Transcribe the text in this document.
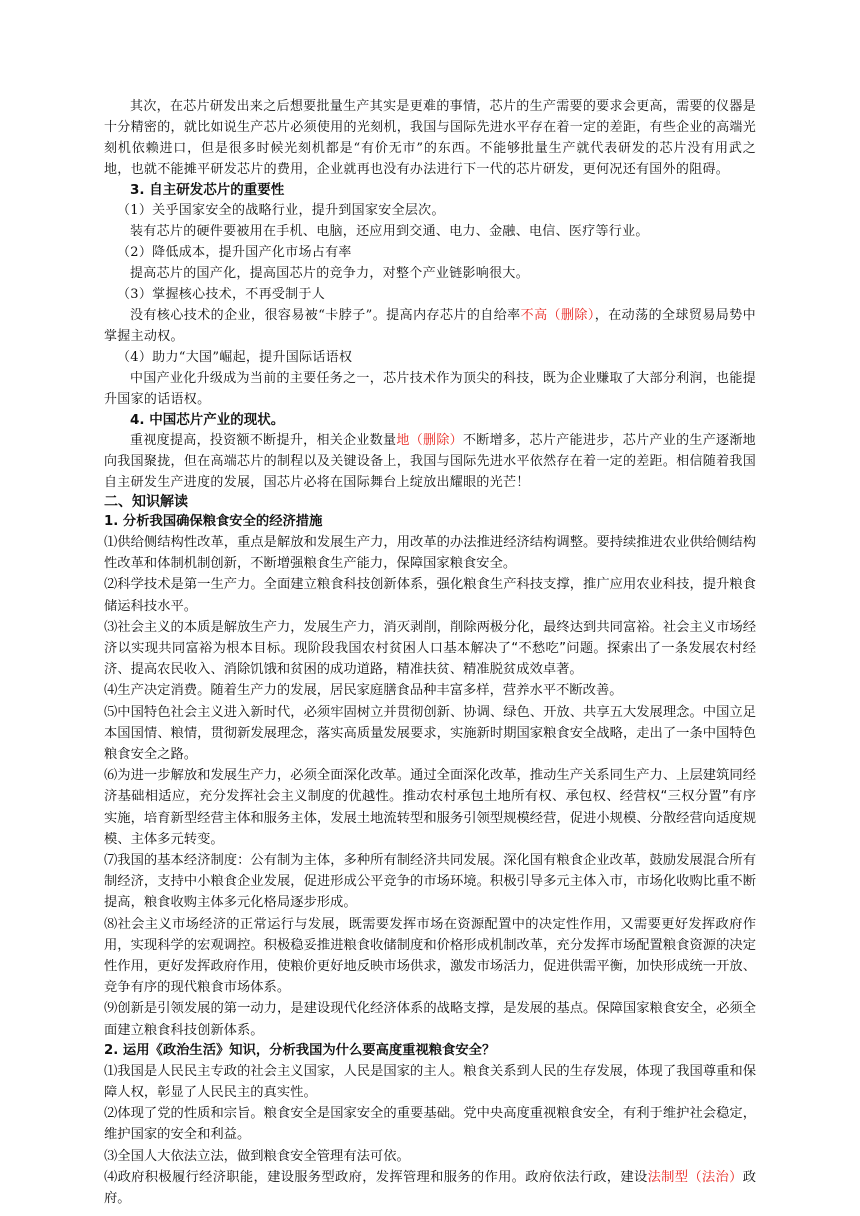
其次，在芯片研发出来之后想要批量生产其实是更难的事情，芯片的生产需要的要求会更高，需要的仪器是十分精密的，就比如说生产芯片必须使用的光刻机，我国与国际先进水平存在着一定的差距，有些企业的高端光刻机依赖进口，但是很多时候光刻机都是“有价无市”的东西。不能够批量生产就代表研发的芯片没有用武之地，也就不能摊平研发芯片的费用，企业就再也没有办法进行下一代的芯片研发，更何况还有国外的阻碍。

3. 自主研发芯片的重要性

（1）关乎国家安全的战略行业，提升到国家安全层次。

装有芯片的硬件要被用在手机、电脑，还应用到交通、电力、金融、电信、医疗等行业。

（2）降低成本，提升国产化市场占有率

提高芯片的国产化，提高国芯片的竞争力，对整个产业链影响很大。

（3）掌握核心技术，不再受制于人

没有核心技术的企业，很容易被“卡脖子”。提高内存芯片的自给率不高（删除），在动荡的全球贸易局势中掌握主动权。

（4）助力“大国”崛起，提升国际话语权

中国产业化升级成为当前的主要任务之一，芯片技术作为顶尖的科技，既为企业赚取了大部分利润，也能提升国家的话语权。

4. 中国芯片产业的现状。

重视度提高，投资额不断提升，相关企业数量地（删除）不断增多，芯片产能进步，芯片产业的生产逐渐地向我国聚拢，但在高端芯片的制程以及关键设备上，我国与国际先进水平依然存在着一定的差距。相信随着我国自主研发生产进度的发展，国芯片必将在国际舞台上绽放出耀眼的光芒！

二、知识解读
1. 分析我国确保粮食安全的经济措施

⑴供给侧结构性改革，重点是解放和发展生产力，用改革的办法推进经济结构调整。要持续推进农业供给侧结构性改革和体制机制创新，不断增强粮食生产能力，保障国家粮食安全。

⑵科学技术是第一生产力。全面建立粮食科技创新体系，强化粮食生产科技支撑，推广应用农业科技，提升粮食储运科技水平。

⑶社会主义的本质是解放生产力，发展生产力，消灭剥削，削除两极分化，最终达到共同富裕。社会主义市场经济以实现共同富裕为根本目标。现阶段我国农村贫困人口基本解决了“不愁吃”问题。探索出了一条发展农村经济、提高农民收入、消除饥饿和贫困的成功道路，精准扶贫、精准脱贫成效卓著。

⑷生产决定消费。随着生产力的发展，居民家庭膳食品种丰富多样，营养水平不断改善。

⑸中国特色社会主义进入新时代，必须牢固树立并贯彻创新、协调、绿色、开放、共享五大发展理念。中国立足本国国情、粮情，贯彻新发展理念，落实高质量发展要求，实施新时期国家粮食安全战略，走出了一条中国特色粮食安全之路。

⑹为进一步解放和发展生产力，必须全面深化改革。通过全面深化改革，推动生产关系同生产力、上层建筑同经济基础相适应，充分发挥社会主义制度的优越性。推动农村承包土地所有权、承包权、经营权“三权分置”有序实施，培育新型经营主体和服务主体，发展土地流转型和服务引领型规模经营，促进小规模、分散经营向适度规模、主体多元转变。

⑺我国的基本经济制度：公有制为主体，多种所有制经济共同发展。深化国有粮食企业改革，鼓励发展混合所有制经济，支持中小粮食企业发展，促进形成公平竞争的市场环境。积极引导多元主体入市，市场化收购比重不断提高，粮食收购主体多元化格局逐步形成。

⑻社会主义市场经济的正常运行与发展，既需要发挥市场在资源配置中的决定性作用，又需要更好发挥政府作用，实现科学的宏观调控。积极稳妥推进粮食收储制度和价格形成机制改革，充分发挥市场配置粮食资源的决定性作用，更好发挥政府作用，使粮价更好地反映市场供求，激发市场活力，促进供需平衡，加快形成统一开放、竞争有序的现代粮食市场体系。

⑼创新是引领发展的第一动力，是建设现代化经济体系的战略支撑，是发展的基点。保障国家粮食安全，必须全面建立粮食科技创新体系。

2. 运用《政治生活》知识，分析我国为什么要高度重视粮食安全？

⑴我国是人民民主专政的社会主义国家，人民是国家的主人。粮食关系到人民的生存发展，体现了我国尊重和保障人权，彰显了人民民主的真实性。

⑵体现了党的性质和宗旨。粮食安全是国家安全的重要基础。党中央高度重视粮食安全，有利于维护社会稳定，维护国家的安全和利益。

⑶全国人大依法立法，做到粮食安全管理有法可依。

⑷政府积极履行经济职能，建设服务型政府，发挥管理和服务的作用。政府依法行政，建设法制型（法治）政府。
